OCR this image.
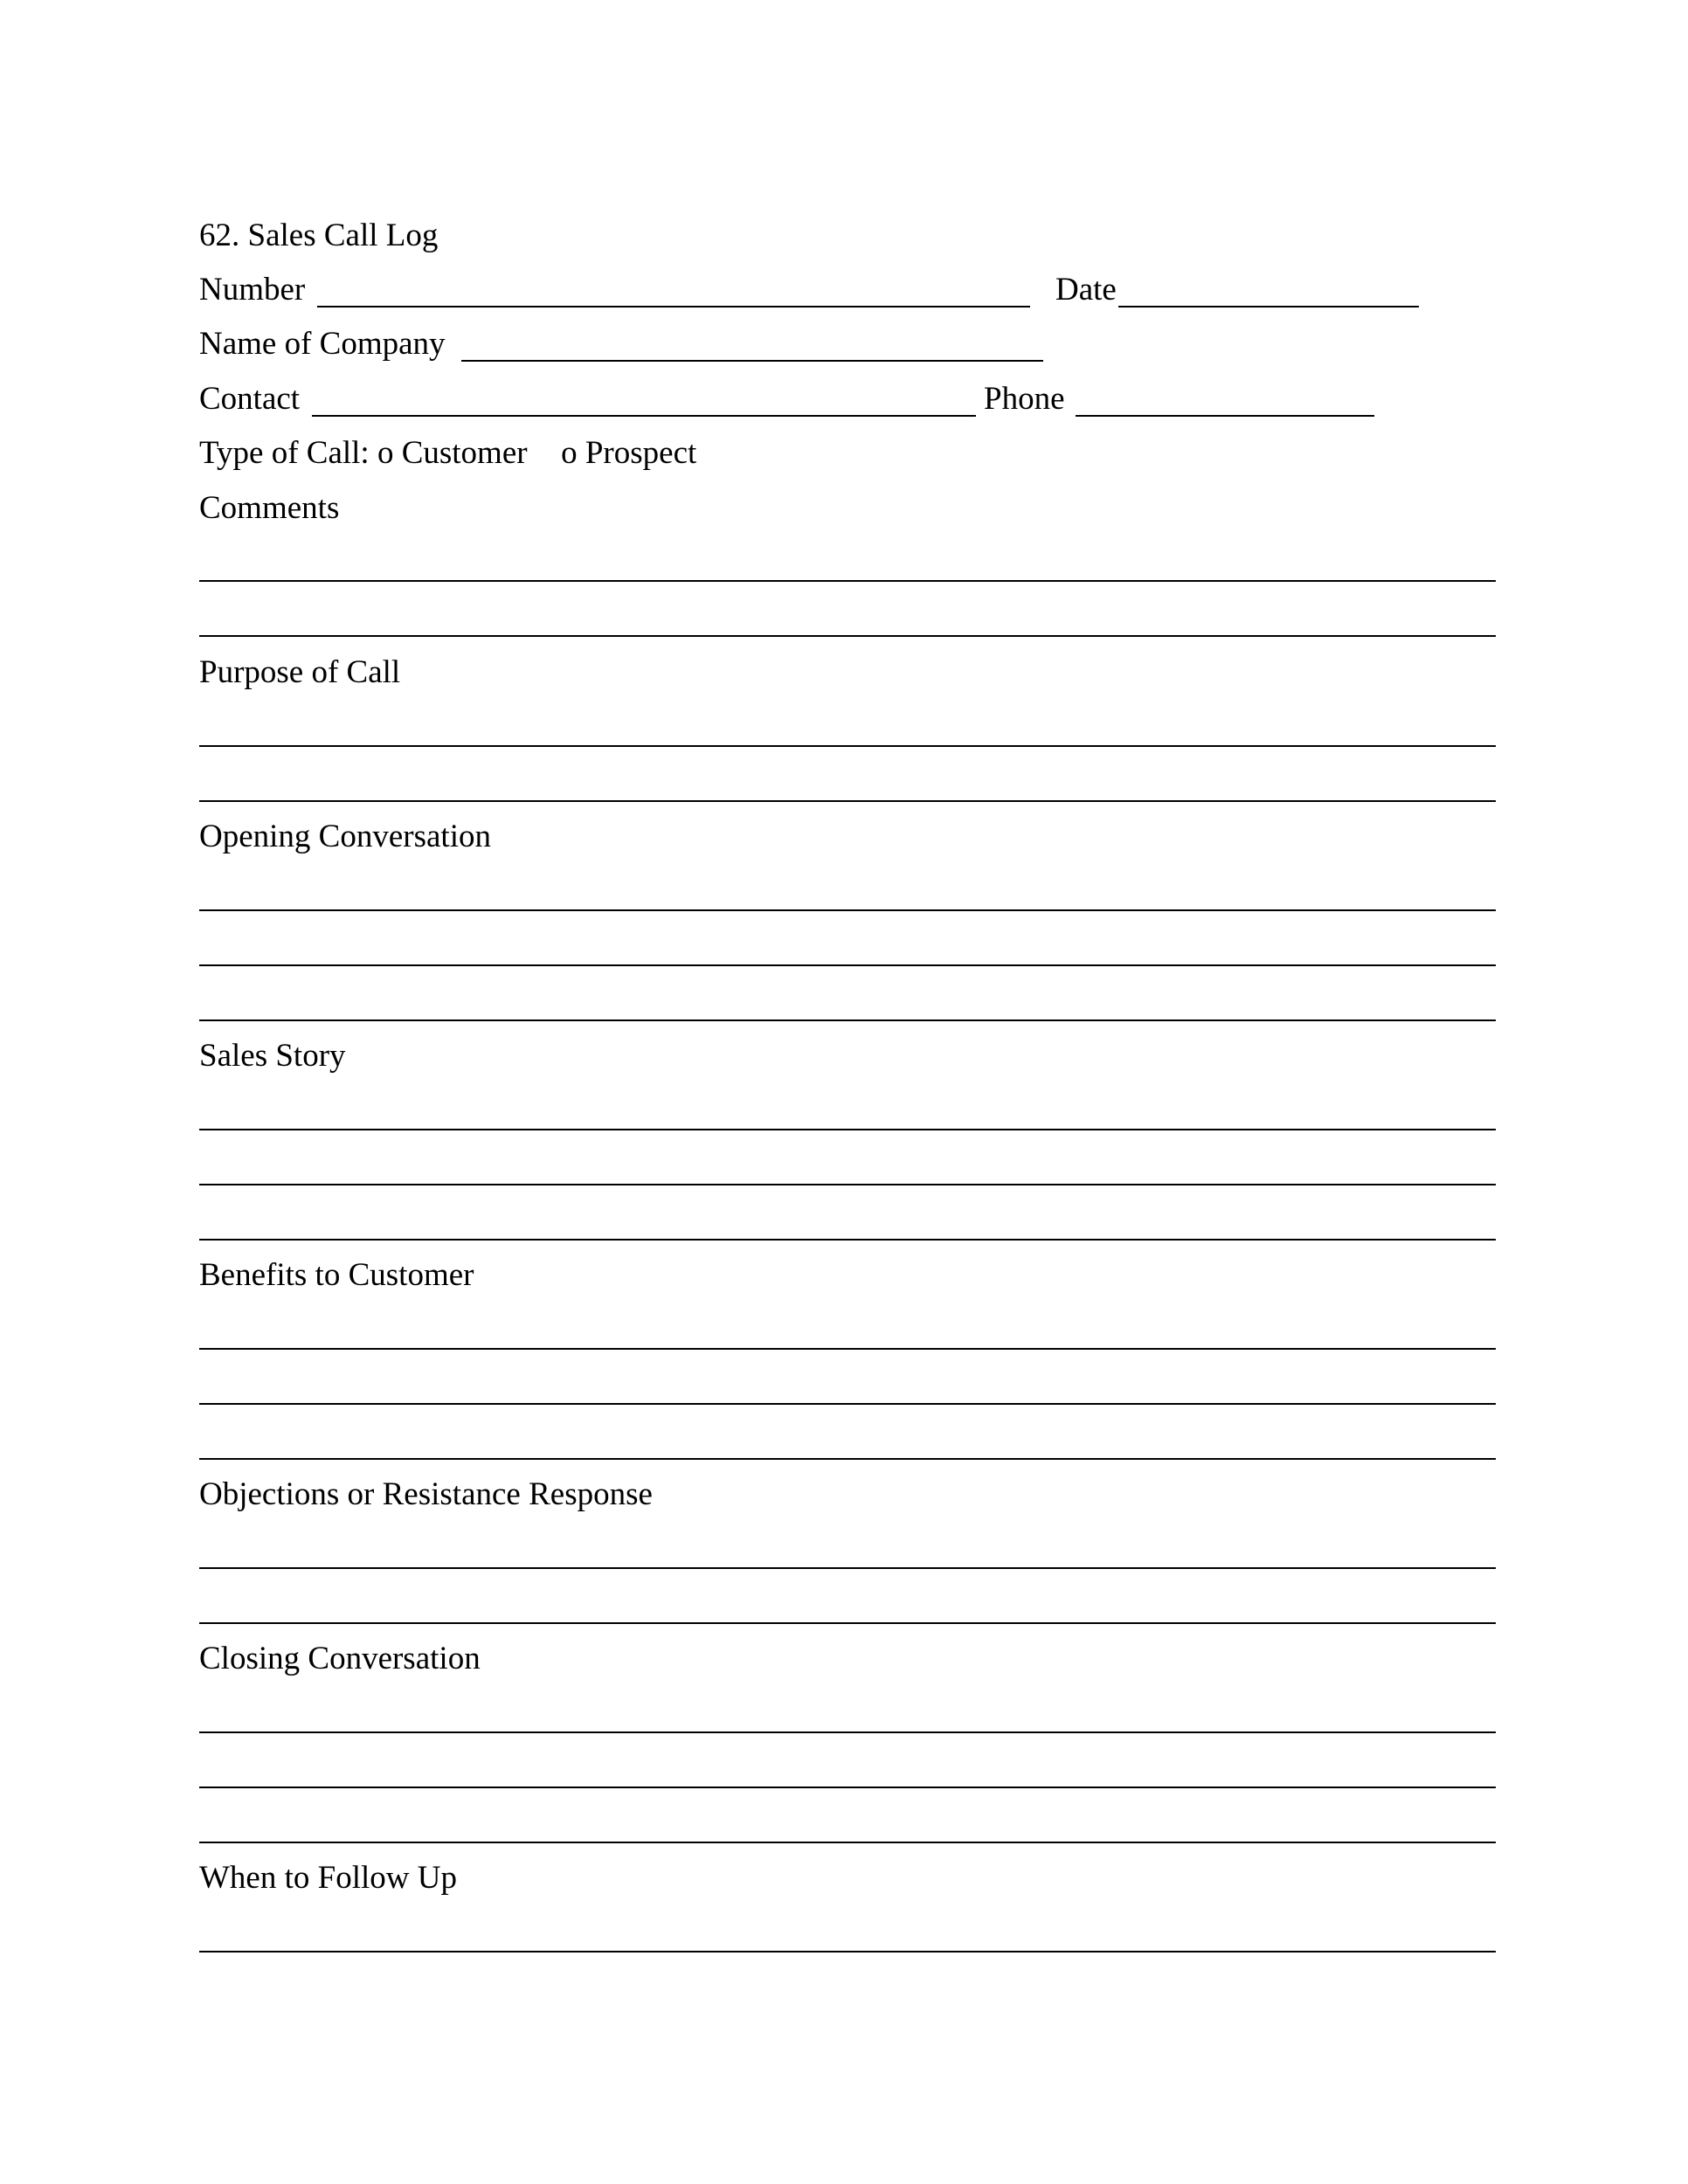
62. Sales Call Log
Number	Date
Name of Company
Contact	Phone
Type of Call: o Customer o Prospect
Comments
Purpose of Call
Opening Conversation
Sales Story
Benefits to Customer
Objections or Resistance Response
Closing Conversation
When to Follow Up
